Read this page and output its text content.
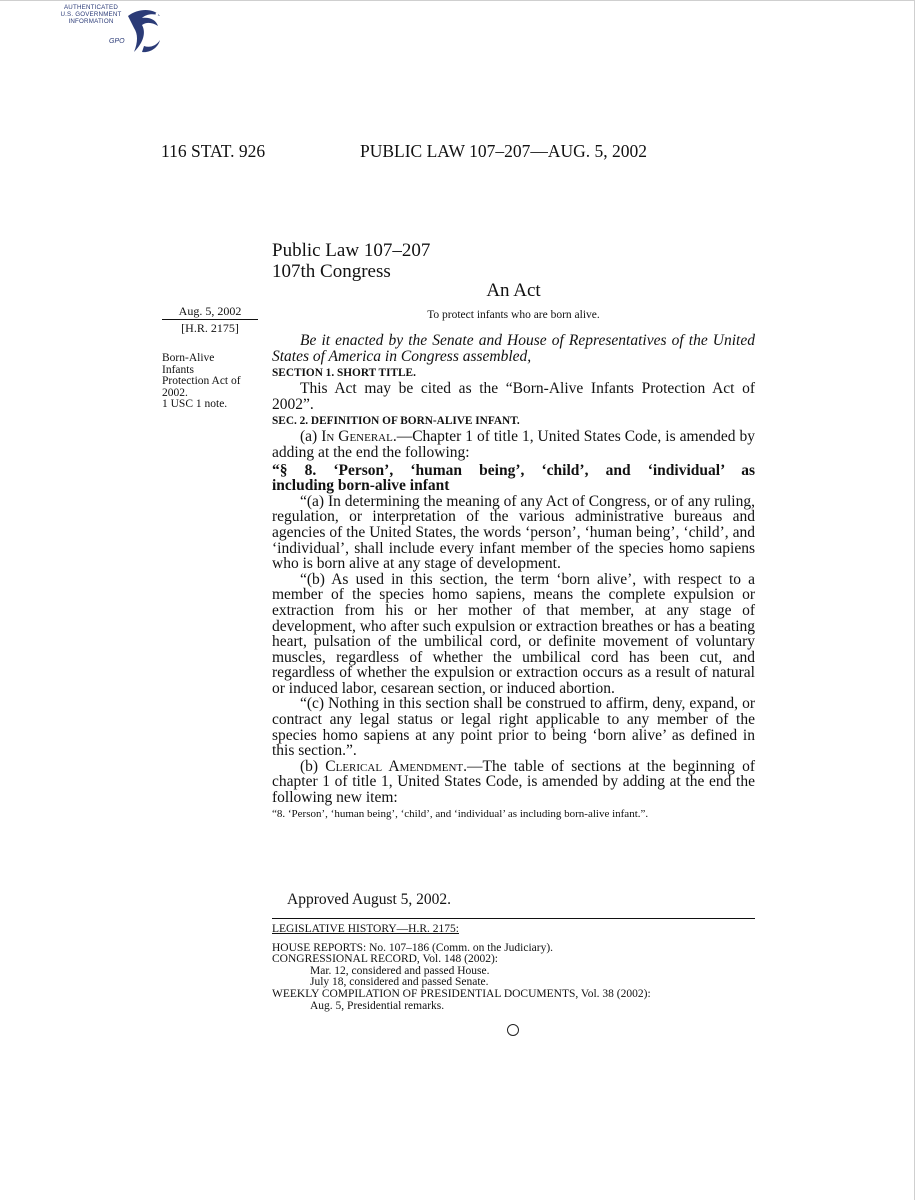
AUTHENTICATED
U.S. GOVERNMENT
INFORMATION
GPO
116 STAT. 926	PUBLIC LAW 107–207—AUG. 5, 2002
Public Law 107–207
107th Congress
An Act
To protect infants who are born alive.
Aug. 5, 2002
[H.R. 2175]
Born-Alive
Infants
Protection Act of
2002.
1 USC 1 note.

Be it enacted by the Senate and House of Representatives of the United States of America in Congress assembled,

SECTION 1. SHORT TITLE.

This Act may be cited as the “Born-Alive Infants Protection Act of 2002”.

SEC. 2. DEFINITION OF BORN-ALIVE INFANT.

(a) In General.—Chapter 1 of title 1, United States Code, is amended by adding at the end the following:

“§ 8. ‘Person’, ‘human being’, ‘child’, and ‘individual’ as
including born-alive infant

“(a) In determining the meaning of any Act of Congress, or of any ruling, regulation, or interpretation of the various administrative bureaus and agencies of the United States, the words ‘person’, ‘human being’, ‘child’, and ‘individual’, shall include every infant member of the species homo sapiens who is born alive at any stage of development.

“(b) As used in this section, the term ‘born alive’, with respect to a member of the species homo sapiens, means the complete expulsion or extraction from his or her mother of that member, at any stage of development, who after such expulsion or extraction breathes or has a beating heart, pulsation of the umbilical cord, or definite movement of voluntary muscles, regardless of whether the umbilical cord has been cut, and regardless of whether the expulsion or extraction occurs as a result of natural or induced labor, cesarean section, or induced abortion.

“(c) Nothing in this section shall be construed to affirm, deny, expand, or contract any legal status or legal right applicable to any member of the species homo sapiens at any point prior to being ‘born alive’ as defined in this section.”.

(b) Clerical Amendment.—The table of sections at the beginning of chapter 1 of title 1, United States Code, is amended by adding at the end the following new item:

“8. ‘Person’, ‘human being’, ‘child’, and ‘individual’ as including born-alive infant.”.

Approved August 5, 2002.
LEGISLATIVE HISTORY—H.R. 2175:
HOUSE REPORTS: No. 107–186 (Comm. on the Judiciary).
CONGRESSIONAL RECORD, Vol. 148 (2002):
Mar. 12, considered and passed House.
July 18, considered and passed Senate.
WEEKLY COMPILATION OF PRESIDENTIAL DOCUMENTS, Vol. 38 (2002):
Aug. 5, Presidential remarks.
